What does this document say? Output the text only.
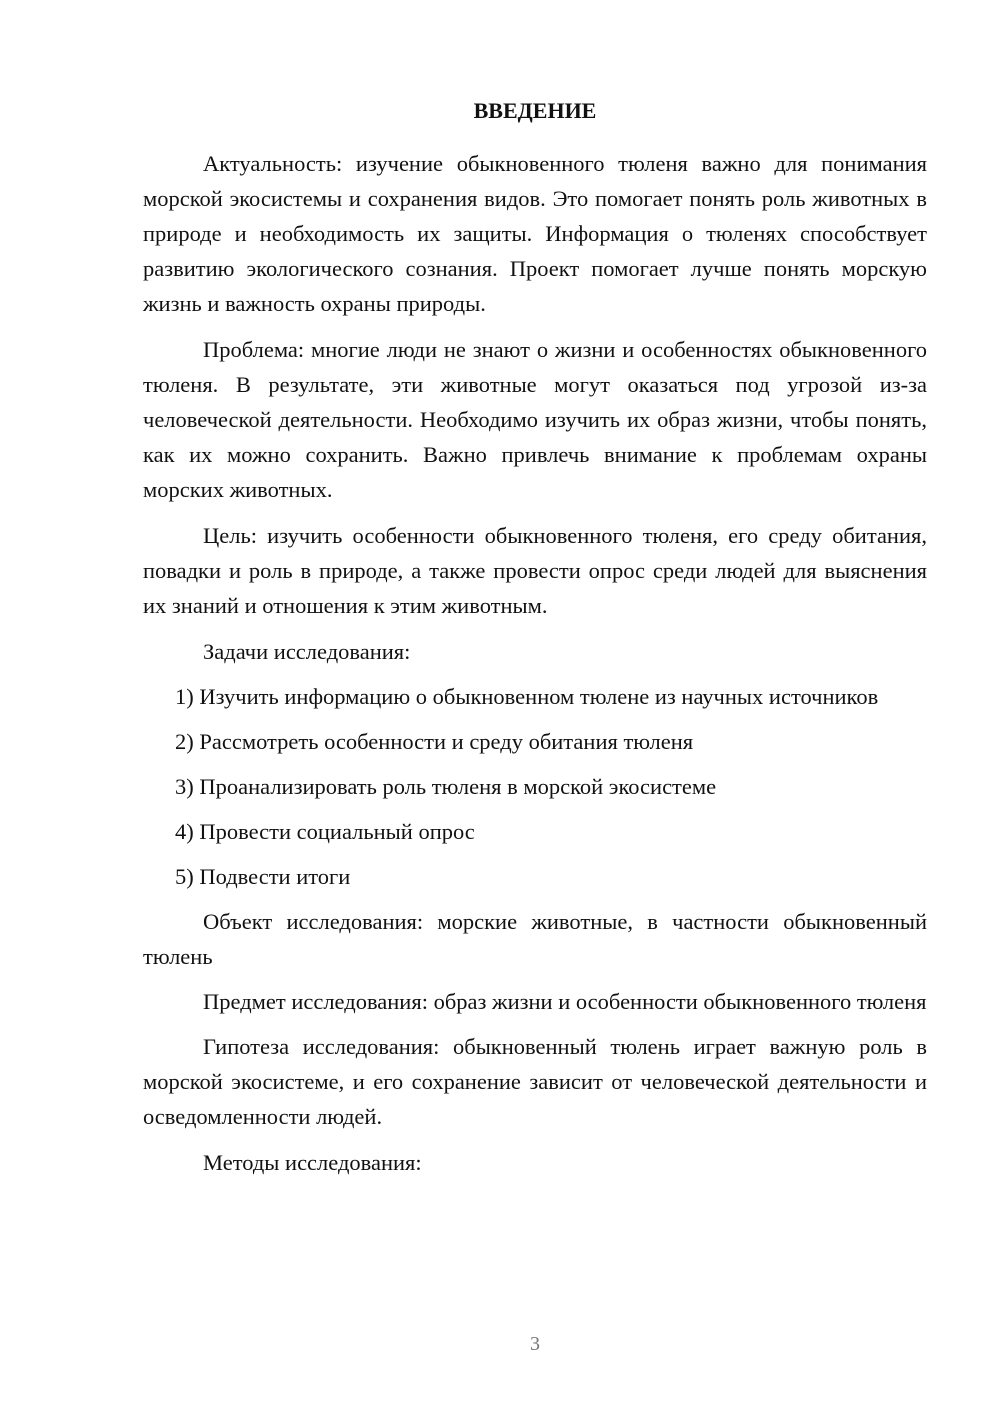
ВВЕДЕНИЕ

Актуальность: изучение обыкновенного тюленя важно для понимания морской экосистемы и сохранения видов. Это помогает понять роль животных в природе и необходимость их защиты. Информация о тюленях способствует развитию экологического сознания. Проект помогает лучше понять морскую жизнь и важность охраны природы.

Проблема: многие люди не знают о жизни и особенностях обыкновенного тюленя. В результате, эти животные могут оказаться под угрозой из-за человеческой деятельности. Необходимо изучить их образ жизни, чтобы понять, как их можно сохранить. Важно привлечь внимание к проблемам охраны морских животных.

Цель: изучить особенности обыкновенного тюленя, его среду обитания, повадки и роль в природе, а также провести опрос среди людей для выяснения их знаний и отношения к этим животным.

Задачи исследования:

1) Изучить информацию о обыкновенном тюлене из научных источников

2) Рассмотреть особенности и среду обитания тюленя

3) Проанализировать роль тюленя в морской экосистеме

4) Провести социальный опрос

5) Подвести итоги

Объект исследования: морские животные, в частности обыкновенный тюлень

Предмет исследования: образ жизни и особенности обыкновенного тюленя

Гипотеза исследования: обыкновенный тюлень играет важную роль в морской экосистеме, и его сохранение зависит от человеческой деятельности и осведомленности людей.

Методы исследования:

3
